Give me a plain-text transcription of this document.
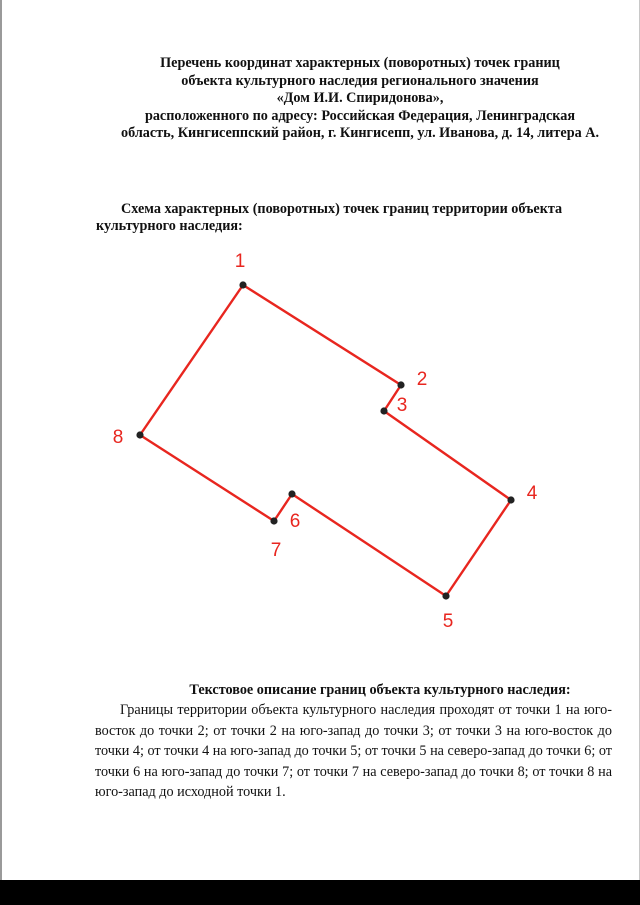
Перечень координат характерных (поворотных) точек границ
объекта культурного наследия регионального значения
«Дом И.И. Спиридонова»,
расположенного по адресу: Российская Федерация, Ленинградская
область, Кингисеппский район, г. Кингисепп, ул. Иванова, д. 14, литера А.
Схема характерных (поворотных) точек границ территории объекта
культурного наследия:
1
2
3
4
5
6
7
8
Текстовое описание границ объекта культурного наследия:
Границы территории объекта культурного наследия проходят от точки 1 на юго-восток до точки 2; от точки 2 на юго-запад до точки 3; от точки 3 на юго-восток до точки 4; от точки 4 на юго-запад до точки 5; от точки 5 на северо-запад до точки 6; от точки 6 на юго-запад до точки 7; от точки 7 на северо-запад до точки 8; от точки 8 на юго-запад до исходной точки 1.
